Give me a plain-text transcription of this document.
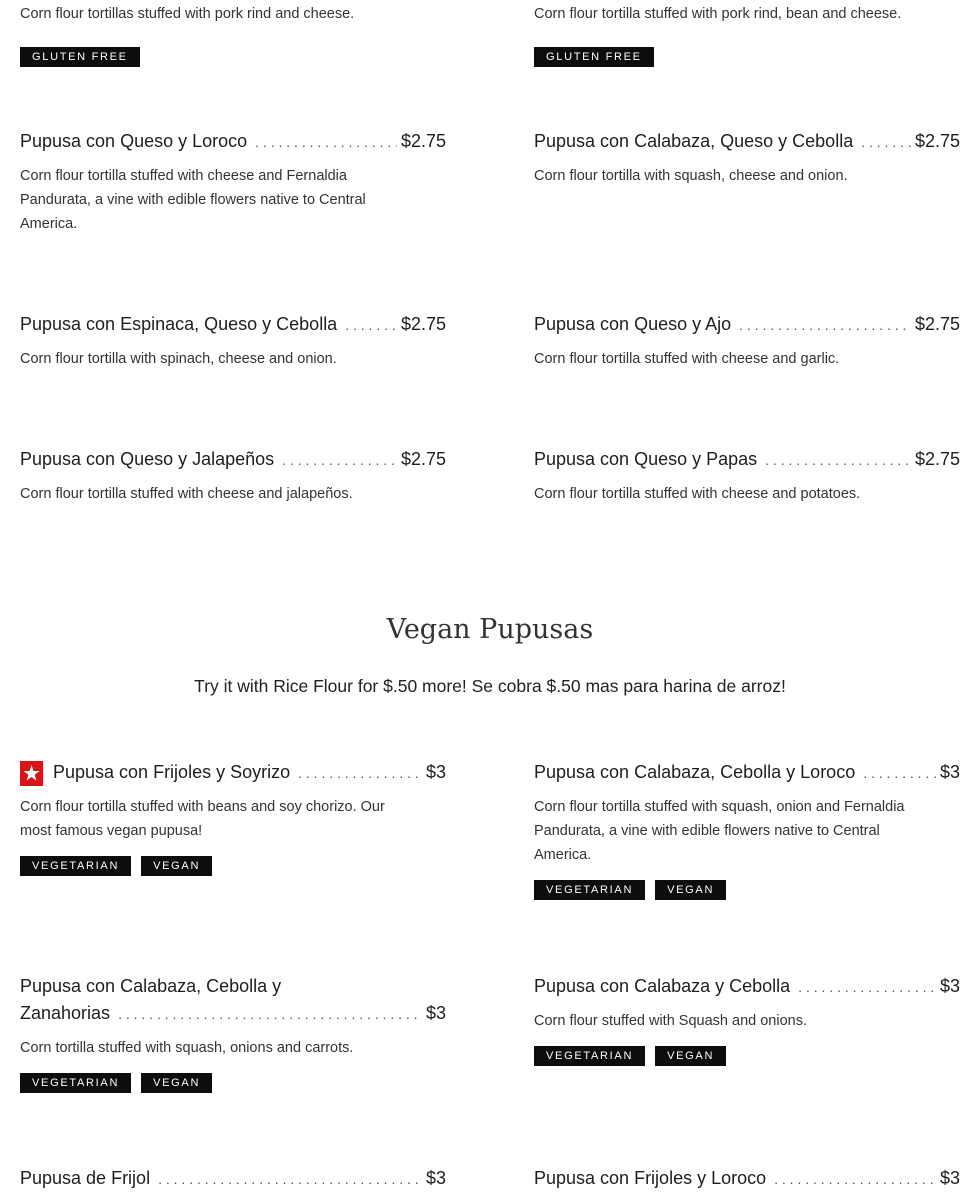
Corn flour tortillas stuffed with pork rind and cheese.
GLUTEN FREE
Corn flour tortilla stuffed with pork rind, bean and cheese.
GLUTEN FREE
Pupusa con Queso y Loroco . . .	$2.75
Corn flour tortilla stuffed with cheese and Fernaldia Pandurata, a vine with edible flowers native to Central America.
Pupusa con Calabaza, Queso y Cebolla . . .	$2.75
Corn flour tortilla with squash, cheese and onion.
Pupusa con Espinaca, Queso y Cebolla . . .	$2.75
Corn flour tortilla with spinach, cheese and onion.
Pupusa con Queso y Ajo . . .	$2.75
Corn flour tortilla stuffed with cheese and garlic.
Pupusa con Queso y Jalapeños . . .	$2.75
Corn flour tortilla stuffed with cheese and jalapeños.
Pupusa con Queso y Papas . . .	$2.75
Corn flour tortilla stuffed with cheese and potatoes.
Vegan Pupusas
Try it with Rice Flour for $.50 more! Se cobra $.50 mas para harina de arroz!
Pupusa con Frijoles y Soyrizo . . .	$3
Corn flour tortilla stuffed with beans and soy chorizo. Our most famous vegan pupusa!
VEGETARIAN	VEGAN
Pupusa con Calabaza, Cebolla y Loroco . . .	$3
Corn flour tortilla stuffed with squash, onion and Fernaldia Pandurata, a vine with edible flowers native to Central America.
VEGETARIAN	VEGAN
Pupusa con Calabaza, Cebolla y
Zanahorias . . .	$3
Corn tortilla stuffed with squash, onions and carrots.
VEGETARIAN	VEGAN
Pupusa con Calabaza y Cebolla . . .	$3
Corn flour stuffed with Squash and onions.
VEGETARIAN	VEGAN
Pupusa de Frijol . . .	$3	Pupusa con Frijoles y Loroco . . .	$3
